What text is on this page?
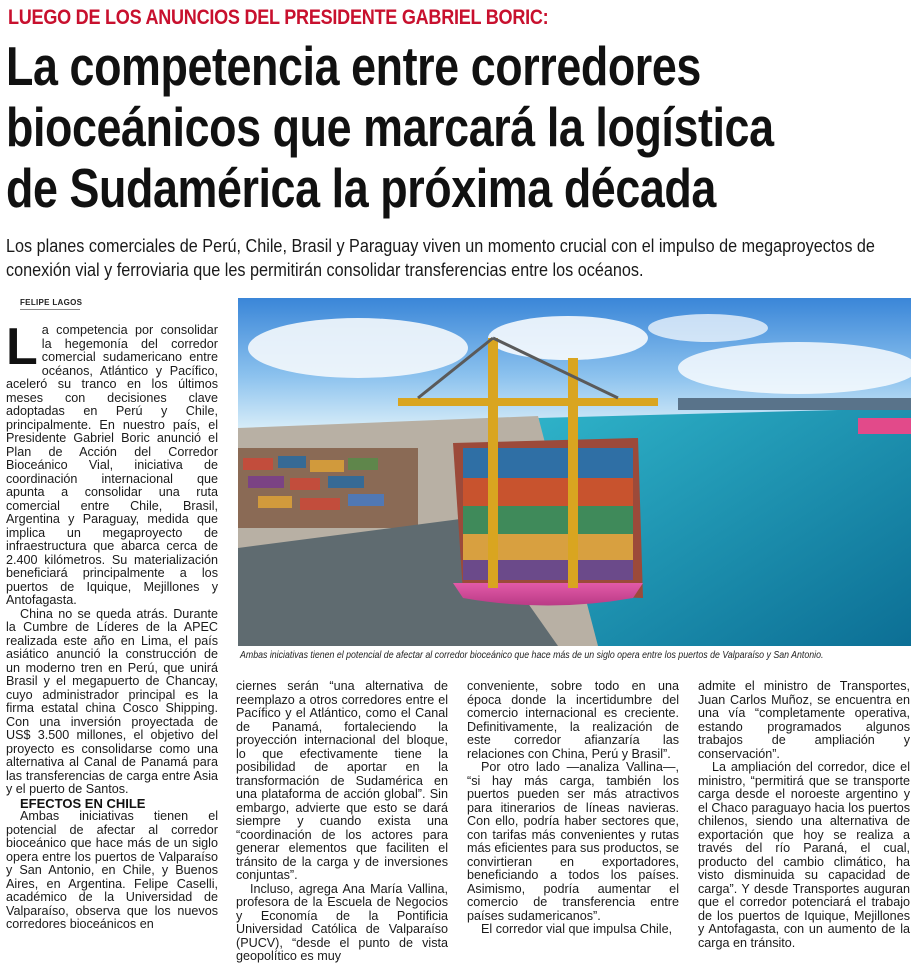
LUEGO DE LOS ANUNCIOS DEL PRESIDENTE GABRIEL BORIC:
La competencia entre corredores
bioceánicos que marcará la logística
de Sudamérica la próxima década
Los planes comerciales de Perú, Chile, Brasil y Paraguay viven un momento crucial con el impulso de megaproyectos de
conexión vial y ferroviaria que les permitirán consolidar transferencias entre los océanos.
FELIPE LAGOS

La competencia por consolidar la hegemonía del corredor comercial sudamericano entre océanos, Atlántico y Pacífico, aceleró su tranco en los últimos meses con decisiones clave adoptadas en Perú y Chile, principalmente. En nuestro país, el Presidente Gabriel Boric anunció el Plan de Acción del Corredor Bioceánico Vial, iniciativa de coordinación internacional que apunta a consolidar una ruta comercial entre Chile, Brasil, Argentina y Paraguay, medida que implica un megaproyecto de infraestructura que abarca cerca de 2.400 kilómetros. Su materialización beneficiará principalmente a los puertos de Iquique, Mejillones y Antofagasta.

China no se queda atrás. Durante la Cumbre de Líderes de la APEC realizada este año en Lima, el país asiático anunció la construcción de un moderno tren en Perú, que unirá Brasil y el megapuerto de Chancay, cuyo administrador principal es la firma estatal china Cosco Shipping. Con una inversión proyectada de US$ 3.500 millones, el objetivo del proyecto es consolidarse como una alternativa al Canal de Panamá para las transferencias de carga entre Asia y el puerto de Santos.

EFECTOS EN CHILE

Ambas iniciativas tienen el potencial de afectar al corredor bioceánico que hace más de un siglo opera entre los puertos de Valparaíso y San Antonio, en Chile, y Buenos Aires, en Argentina. Felipe Caselli, académico de la Universidad de Valparaíso, observa que los nuevos corredores bioceánicos en

Ambas iniciativas tienen el potencial de afectar al corredor bioceánico que hace más de un siglo opera entre los puertos de Valparaíso y San Antonio.

ciernes serán “una alternativa de reemplazo a otros corredores entre el Pacífico y el Atlántico, como el Canal de Panamá, fortaleciendo la proyección internacional del bloque, lo que efectivamente tiene la posibilidad de aportar en la transformación de Sudamérica en una plataforma de acción global”. Sin embargo, advierte que esto se dará siempre y cuando exista una “coordinación de los actores para generar elementos que faciliten el tránsito de la carga y de inversiones conjuntas”.

Incluso, agrega Ana María Vallina, profesora de la Escuela de Negocios y Economía de la Pontificia Universidad Católica de Valparaíso (PUCV), “desde el punto de vista geopolítico es muy

conveniente, sobre todo en una época donde la incertidumbre del comercio internacional es creciente. Definitivamente, la realización de este corredor afianzaría las relaciones con China, Perú y Brasil”.

Por otro lado —analiza Vallina—, “si hay más carga, también los puertos pueden ser más atractivos para itinerarios de líneas navieras. Con ello, podría haber sectores que, con tarifas más convenientes y rutas más eficientes para sus productos, se convirtieran en exportadores, beneficiando a todos los países. Asimismo, podría aumentar el comercio de transferencia entre países sudamericanos”.

El corredor vial que impulsa Chile,

admite el ministro de Transportes, Juan Carlos Muñoz, se encuentra en una vía “completamente operativa, estando programados algunos trabajos de ampliación y conservación”.

La ampliación del corredor, dice el ministro, “permitirá que se transporte carga desde el noroeste argentino y el Chaco paraguayo hacia los puertos chilenos, siendo una alternativa de exportación que hoy se realiza a través del río Paraná, el cual, producto del cambio climático, ha visto disminuida su capacidad de carga”. Y desde Transportes auguran que el corredor potenciará el trabajo de los puertos de Iquique, Mejillones y Antofagasta, con un aumento de la carga en tránsito.
